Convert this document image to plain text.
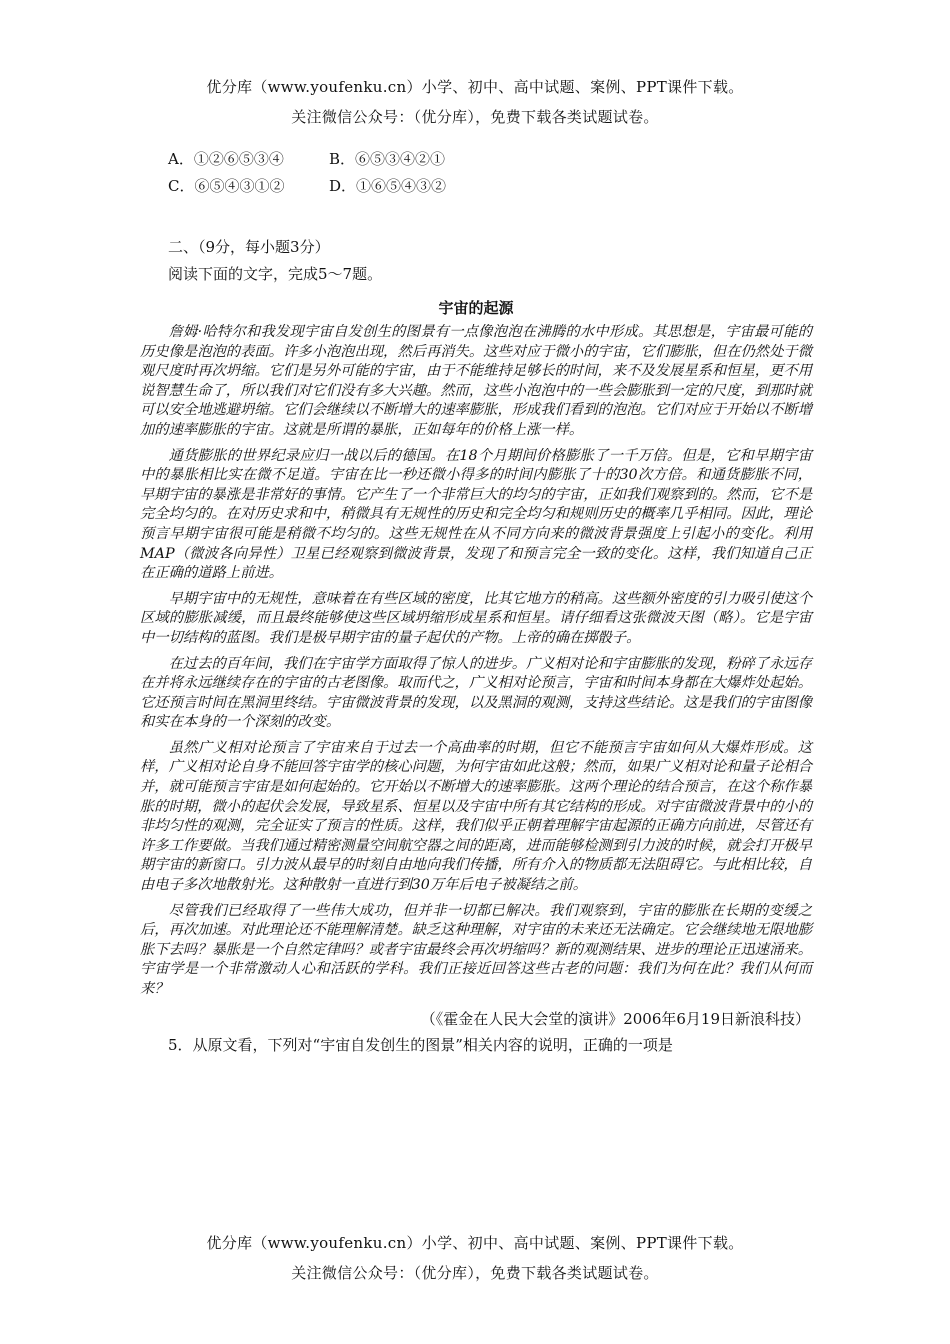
优分库（www.youfenku.cn）小学、初中、高中试题、案例、PPT课件下载。
关注微信公众号：（优分库），免费下载各类试题试卷。
A．①②⑥⑤③④	B．⑥⑤③④②①
C．⑥⑤④③①②	D．①⑥⑤④③②
二、（9分，每小题3分）
阅读下面的文字，完成5～7题。
宇宙的起源

詹姆·哈特尔和我发现宇宙自发创生的图景有一点像泡泡在沸腾的水中形成。其思想是，宇宙最可能的历史像是泡泡的表面。许多小泡泡出现，然后再消失。这些对应于微小的宇宙，它们膨胀，但在仍然处于微观尺度时再次坍缩。它们是另外可能的宇宙，由于不能维持足够长的时间，来不及发展星系和恒星，更不用说智慧生命了，所以我们对它们没有多大兴趣。然而，这些小泡泡中的一些会膨胀到一定的尺度，到那时就可以安全地逃避坍缩。它们会继续以不断增大的速率膨胀，形成我们看到的泡泡。它们对应于开始以不断增加的速率膨胀的宇宙。这就是所谓的暴胀，正如每年的价格上涨一样。

通货膨胀的世界纪录应归一战以后的德国。在18个月期间价格膨胀了一千万倍。但是，它和早期宇宙中的暴胀相比实在微不足道。宇宙在比一秒还微小得多的时间内膨胀了十的30次方倍。和通货膨胀不同，早期宇宙的暴涨是非常好的事情。它产生了一个非常巨大的均匀的宇宙，正如我们观察到的。然而，它不是完全均匀的。在对历史求和中，稍微具有无规性的历史和完全均匀和规则历史的概率几乎相同。因此，理论预言早期宇宙很可能是稍微不均匀的。这些无规性在从不同方向来的微波背景强度上引起小的变化。利用MAP（微波各向异性）卫星已经观察到微波背景，发现了和预言完全一致的变化。这样，我们知道自己正在正确的道路上前进。

早期宇宙中的无规性，意味着在有些区域的密度，比其它地方的稍高。这些额外密度的引力吸引使这个区域的膨胀减缓，而且最终能够使这些区域坍缩形成星系和恒星。请仔细看这张微波天图（略）。它是宇宙中一切结构的蓝图。我们是极早期宇宙的量子起伏的产物。上帝的确在掷骰子。

在过去的百年间，我们在宇宙学方面取得了惊人的进步。广义相对论和宇宙膨胀的发现，粉碎了永远存在并将永远继续存在的宇宙的古老图像。取而代之，广义相对论预言，宇宙和时间本身都在大爆炸处起始。它还预言时间在黑洞里终结。宇宙微波背景的发现，以及黑洞的观测，支持这些结论。这是我们的宇宙图像和实在本身的一个深刻的改变。

虽然广义相对论预言了宇宙来自于过去一个高曲率的时期，但它不能预言宇宙如何从大爆炸形成。这样，广义相对论自身不能回答宇宙学的核心问题，为何宇宙如此这般；然而，如果广义相对论和量子论相合并，就可能预言宇宙是如何起始的。它开始以不断增大的速率膨胀。这两个理论的结合预言，在这个称作暴胀的时期，微小的起伏会发展，导致星系、恒星以及宇宙中所有其它结构的形成。对宇宙微波背景中的小的非均匀性的观测，完全证实了预言的性质。这样，我们似乎正朝着理解宇宙起源的正确方向前进，尽管还有许多工作要做。当我们通过精密测量空间航空器之间的距离，进而能够检测到引力波的时候，就会打开极早期宇宙的新窗口。引力波从最早的时刻自由地向我们传播，所有介入的物质都无法阻碍它。与此相比较，自由电子多次地散射光。这种散射一直进行到30万年后电子被凝结之前。

尽管我们已经取得了一些伟大成功，但并非一切都已解决。我们观察到，宇宙的膨胀在长期的变缓之后，再次加速。对此理论还不能理解清楚。缺乏这种理解，对宇宙的未来还无法确定。它会继续地无限地膨胀下去吗？暴胀是一个自然定律吗？或者宇宙最终会再次坍缩吗？新的观测结果、进步的理论正迅速涌来。宇宙学是一个非常激动人心和活跃的学科。我们正接近回答这些古老的问题：我们为何在此？我们从何而来？

（《霍金在人民大会堂的演讲》2006年6月19日新浪科技）
5．从原文看，下列对“宇宙自发创生的图景”相关内容的说明，正确的一项是
优分库（www.youfenku.cn）小学、初中、高中试题、案例、PPT课件下载。
关注微信公众号：（优分库），免费下载各类试题试卷。
